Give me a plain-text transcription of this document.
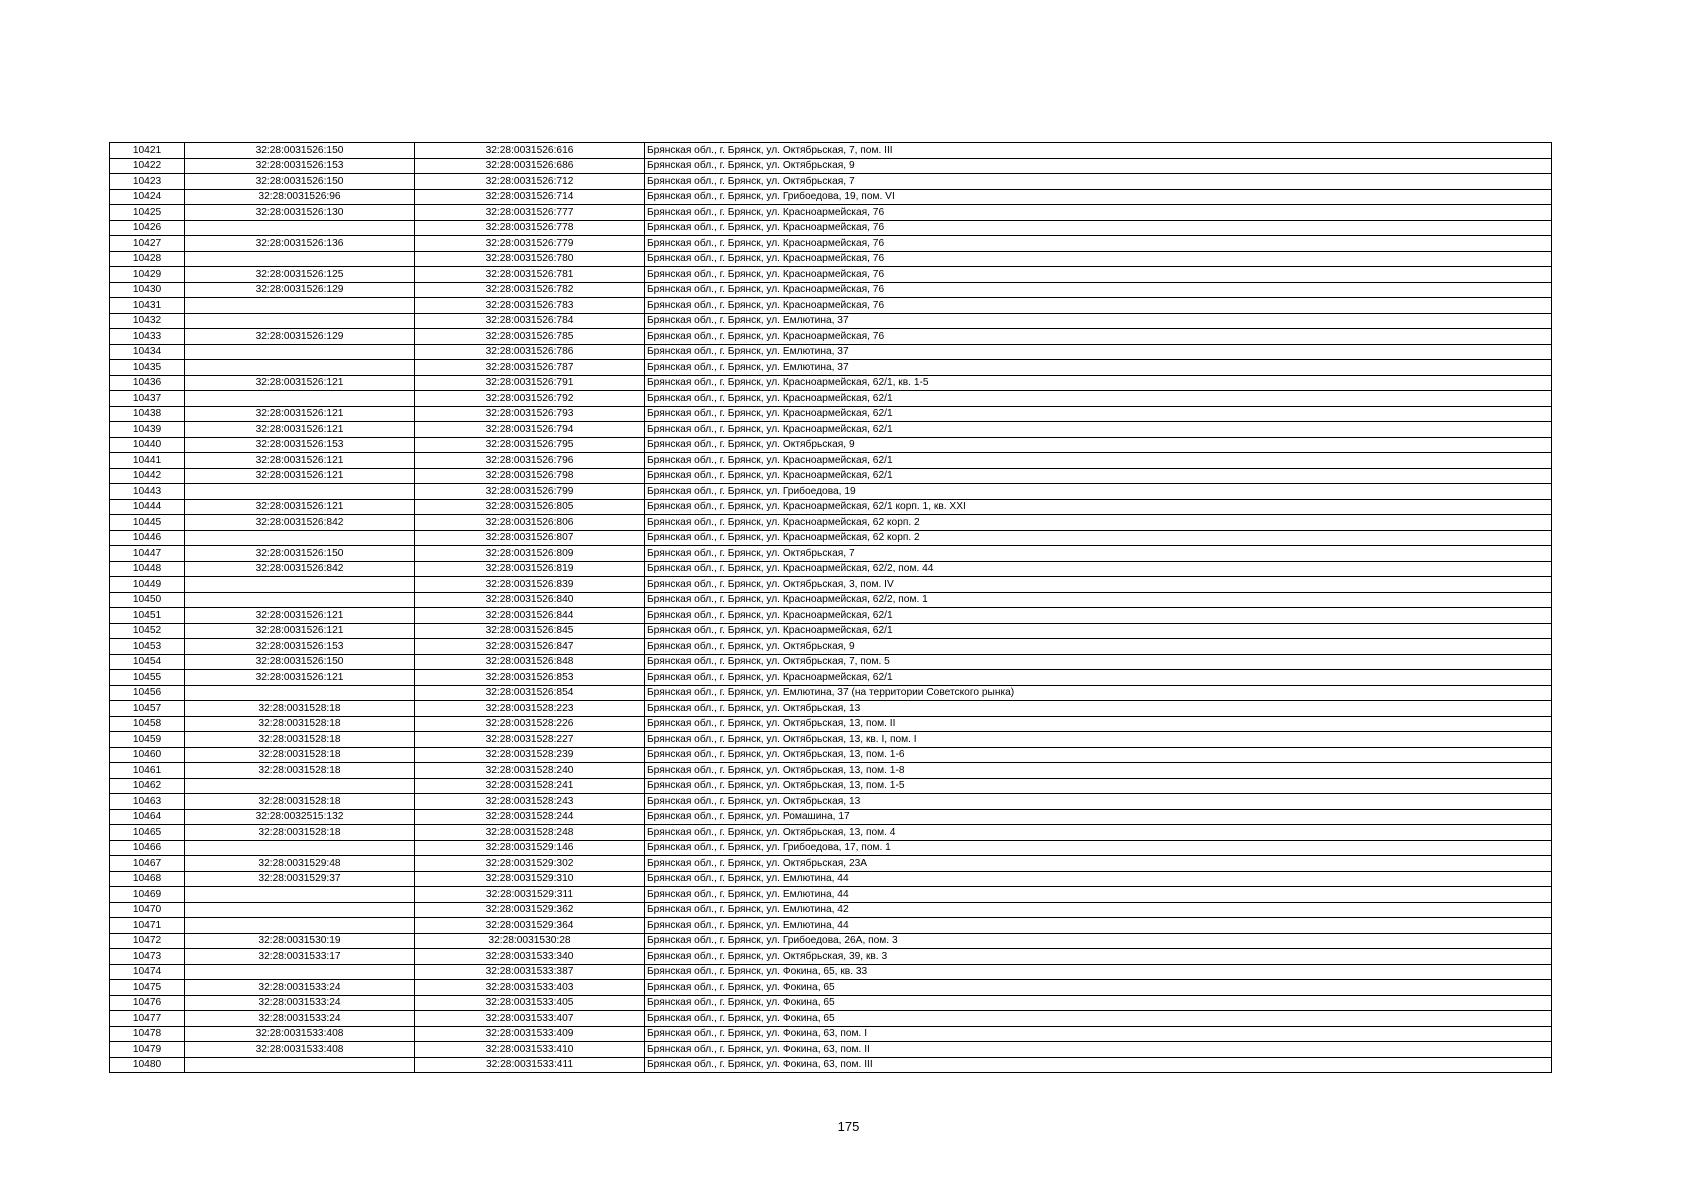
10421	32:28:0031526:150	32:28:0031526:616	Брянская обл., г. Брянск, ул. Октябрьская, 7, пом. III
10422	32:28:0031526:153	32:28:0031526:686	Брянская обл., г. Брянск, ул. Октябрьская, 9
10423	32:28:0031526:150	32:28:0031526:712	Брянская обл., г. Брянск, ул. Октябрьская, 7
10424	32:28:0031526:96	32:28:0031526:714	Брянская обл., г. Брянск, ул. Грибоедова, 19, пом. VI
10425	32:28:0031526:130	32:28:0031526:777	Брянская обл., г. Брянск, ул. Красноармейская, 76
10426		32:28:0031526:778	Брянская обл., г. Брянск, ул. Красноармейская, 76
10427	32:28:0031526:136	32:28:0031526:779	Брянская обл., г. Брянск, ул. Красноармейская, 76
10428		32:28:0031526:780	Брянская обл., г. Брянск, ул. Красноармейская, 76
10429	32:28:0031526:125	32:28:0031526:781	Брянская обл., г. Брянск, ул. Красноармейская, 76
10430	32:28:0031526:129	32:28:0031526:782	Брянская обл., г. Брянск, ул. Красноармейская, 76
10431		32:28:0031526:783	Брянская обл., г. Брянск, ул. Красноармейская, 76
10432		32:28:0031526:784	Брянская обл., г. Брянск, ул. Емлютина, 37
10433	32:28:0031526:129	32:28:0031526:785	Брянская обл., г. Брянск, ул. Красноармейская, 76
10434		32:28:0031526:786	Брянская обл., г. Брянск, ул. Емлютина, 37
10435		32:28:0031526:787	Брянская обл., г. Брянск, ул. Емлютина, 37
10436	32:28:0031526:121	32:28:0031526:791	Брянская обл., г. Брянск, ул. Красноармейская, 62/1, кв. 1-5
10437		32:28:0031526:792	Брянская обл., г. Брянск, ул. Красноармейская, 62/1
10438	32:28:0031526:121	32:28:0031526:793	Брянская обл., г. Брянск, ул. Красноармейская, 62/1
10439	32:28:0031526:121	32:28:0031526:794	Брянская обл., г. Брянск, ул. Красноармейская, 62/1
10440	32:28:0031526:153	32:28:0031526:795	Брянская обл., г. Брянск, ул. Октябрьская, 9
10441	32:28:0031526:121	32:28:0031526:796	Брянская обл., г. Брянск, ул. Красноармейская, 62/1
10442	32:28:0031526:121	32:28:0031526:798	Брянская обл., г. Брянск, ул. Красноармейская, 62/1
10443		32:28:0031526:799	Брянская обл., г. Брянск, ул. Грибоедова, 19
10444	32:28:0031526:121	32:28:0031526:805	Брянская обл., г. Брянск, ул. Красноармейская, 62/1 корп. 1, кв. XXI
10445	32:28:0031526:842	32:28:0031526:806	Брянская обл., г. Брянск, ул. Красноармейская, 62 корп. 2
10446		32:28:0031526:807	Брянская обл., г. Брянск, ул. Красноармейская, 62 корп. 2
10447	32:28:0031526:150	32:28:0031526:809	Брянская обл., г. Брянск, ул. Октябрьская, 7
10448	32:28:0031526:842	32:28:0031526:819	Брянская обл., г. Брянск, ул. Красноармейская, 62/2, пом. 44
10449		32:28:0031526:839	Брянская обл., г. Брянск, ул. Октябрьская, 3, пом. IV
10450		32:28:0031526:840	Брянская обл., г. Брянск, ул. Красноармейская, 62/2, пом. 1
10451	32:28:0031526:121	32:28:0031526:844	Брянская обл., г. Брянск, ул. Красноармейская, 62/1
10452	32:28:0031526:121	32:28:0031526:845	Брянская обл., г. Брянск, ул. Красноармейская, 62/1
10453	32:28:0031526:153	32:28:0031526:847	Брянская обл., г. Брянск, ул. Октябрьская, 9
10454	32:28:0031526:150	32:28:0031526:848	Брянская обл., г. Брянск, ул. Октябрьская, 7, пом. 5
10455	32:28:0031526:121	32:28:0031526:853	Брянская обл., г. Брянск, ул. Красноармейская, 62/1
10456		32:28:0031526:854	Брянская обл., г. Брянск, ул. Емлютина, 37 (на территории Советского рынка)
10457	32:28:0031528:18	32:28:0031528:223	Брянская обл., г. Брянск, ул. Октябрьская, 13
10458	32:28:0031528:18	32:28:0031528:226	Брянская обл., г. Брянск, ул. Октябрьская, 13, пом. II
10459	32:28:0031528:18	32:28:0031528:227	Брянская обл., г. Брянск, ул. Октябрьская, 13, кв. I, пом. I
10460	32:28:0031528:18	32:28:0031528:239	Брянская обл., г. Брянск, ул. Октябрьская, 13, пом. 1-6
10461	32:28:0031528:18	32:28:0031528:240	Брянская обл., г. Брянск, ул. Октябрьская, 13, пом. 1-8
10462		32:28:0031528:241	Брянская обл., г. Брянск, ул. Октябрьская, 13, пом. 1-5
10463	32:28:0031528:18	32:28:0031528:243	Брянская обл., г. Брянск, ул. Октябрьская, 13
10464	32:28:0032515:132	32:28:0031528:244	Брянская обл., г. Брянск, ул. Ромашина, 17
10465	32:28:0031528:18	32:28:0031528:248	Брянская обл., г. Брянск, ул. Октябрьская, 13, пом. 4
10466		32:28:0031529:146	Брянская обл., г. Брянск, ул. Грибоедова, 17, пом. 1
10467	32:28:0031529:48	32:28:0031529:302	Брянская обл., г. Брянск, ул. Октябрьская, 23А
10468	32:28:0031529:37	32:28:0031529:310	Брянская обл., г. Брянск, ул. Емлютина, 44
10469		32:28:0031529:311	Брянская обл., г. Брянск, ул. Емлютина, 44
10470		32:28:0031529:362	Брянская обл., г. Брянск, ул. Емлютина, 42
10471		32:28:0031529:364	Брянская обл., г. Брянск, ул. Емлютина, 44
10472	32:28:0031530:19	32:28:0031530:28	Брянская обл., г. Брянск, ул. Грибоедова, 26А, пом. 3
10473	32:28:0031533:17	32:28:0031533:340	Брянская обл., г. Брянск, ул. Октябрьская, 39, кв. 3
10474		32:28:0031533:387	Брянская обл., г. Брянск, ул. Фокина, 65, кв. 33
10475	32:28:0031533:24	32:28:0031533:403	Брянская обл., г. Брянск, ул. Фокина, 65
10476	32:28:0031533:24	32:28:0031533:405	Брянская обл., г. Брянск, ул. Фокина, 65
10477	32:28:0031533:24	32:28:0031533:407	Брянская обл., г. Брянск, ул. Фокина, 65
10478	32:28:0031533:408	32:28:0031533:409	Брянская обл., г. Брянск, ул. Фокина, 63, пом. I
10479	32:28:0031533:408	32:28:0031533:410	Брянская обл., г. Брянск, ул. Фокина, 63, пом. II
10480		32:28:0031533:411	Брянская обл., г. Брянск, ул. Фокина, 63, пом. III
175
